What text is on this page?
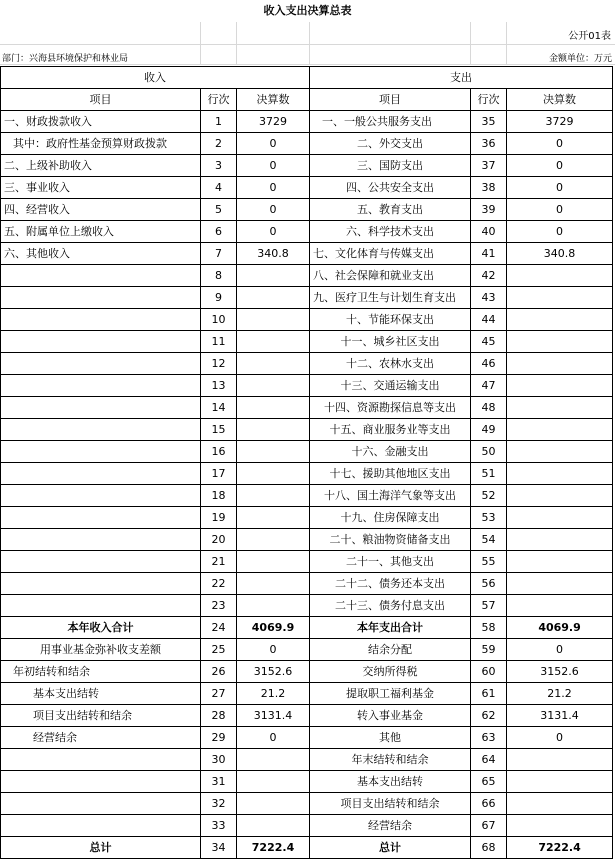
收入支出决算总表
公开01表
部门：兴海县环境保护和林业局	金额单位：万元
收入			支出		
项目	行次	决算数	项目	行次	决算数
一、财政拨款收入	1	3729	一、一般公共服务支出	35	3729
其中：政府性基金预算财政拨款	2	0	二、外交支出	36	0
二、上级补助收入	3	0	三、国防支出	37	0
三、事业收入	4	0	四、公共安全支出	38	0
四、经营收入	5	0	五、教育支出	39	0
五、附属单位上缴收入	6	0	六、科学技术支出	40	0
六、其他收入	7	340.8	七、文化体育与传媒支出	41	340.8
	8		八、社会保障和就业支出	42	
	9		九、医疗卫生与计划生育支出	43	
	10		十、节能环保支出	44	
	11		十一、城乡社区支出	45	
	12		十二、农林水支出	46	
	13		十三、交通运输支出	47	
	14		十四、资源勘探信息等支出	48	
	15		十五、商业服务业等支出	49	
	16		十六、金融支出	50	
	17		十七、援助其他地区支出	51	
	18		十八、国土海洋气象等支出	52	
	19		十九、住房保障支出	53	
	20		二十、粮油物资储备支出	54	
	21		二十一、其他支出	55	
	22		二十二、债务还本支出	56	
	23		二十三、债务付息支出	57	
本年收入合计	24	4069.9	本年支出合计	58	4069.9
用事业基金弥补收支差额	25	0	结余分配	59	0
年初结转和结余	26	3152.6	交纳所得税	60	3152.6
基本支出结转	27	21.2	提取职工福利基金	61	21.2
项目支出结转和结余	28	3131.4	转入事业基金	62	3131.4
经营结余	29	0	其他	63	0
	30		年末结转和结余	64	
	31		基本支出结转	65	
	32		项目支出结转和结余	66	
	33		经营结余	67	
总计	34	7222.4	总计	68	7222.4
